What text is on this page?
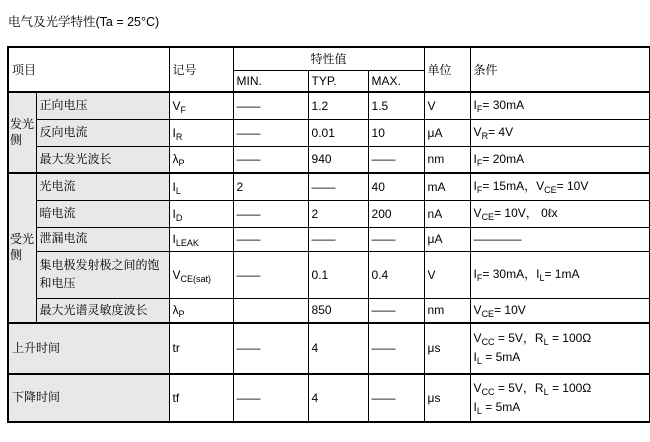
电气及光学特性(Ta = 25°C)
项目		记号	特性值			单位	条件
			MIN.	TYP.	MAX.		
发光侧	正向电压	$V_F$	——	1.2	1.5	V	$I_F= 30mA$
	反向电流	$I_R$	——	0.01	10	μA	$V_R= 4V$
	最大发光波长	$\lambda_P$	——	940	——	nm	$I_F= 20mA$
受光侧	光电流	$I_L$	2	——	40	mA	$I_F= 15mA$，$V_{CE}= 10V$
	暗电流	$I_D$	——	2	200	nA	$V_{CE}= 10V$， 0ℓx
	泄漏电流	$I_{LEAK}$	——	——	——	μA	————
	集电极发射极之间的饱和电压	$V_{CE(sat)}$	——	0.1	0.4	V	$I_F= 30mA$，$I_L= 1mA$
	最大光谱灵敏度波长	$\lambda_P$		850	——	nm	$V_{CE}= 10V$
上升时间		tr	——	4	——	μs	$V_{CC} = 5V$，$R_L = 100\Omega$
$I_L = 5mA$
下降时间		tf	——	4	——	μs	$V_{CC} = 5V$，$R_L = 100\Omega$
$I_L = 5mA$
